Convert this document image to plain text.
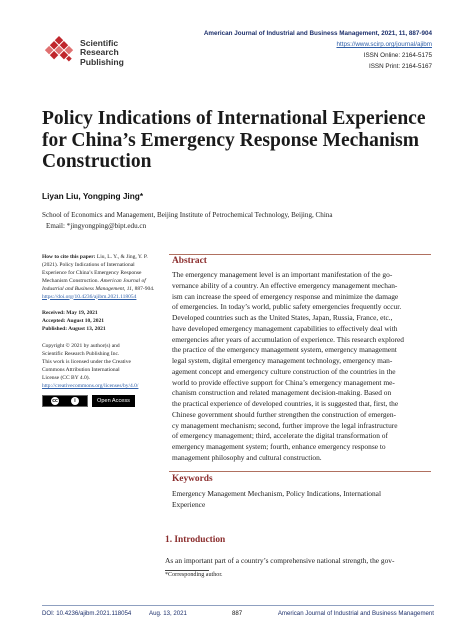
Scientific
Research
Publishing
American Journal of Industrial and Business Management, 2021, 11, 887-904
https://www.scirp.org/journal/ajibm
ISSN Online: 2164-5175
ISSN Print: 2164-5167
Policy Indications of International Experience
for China’s Emergency Response Mechanism
Construction
Liyan Liu, Yongping Jing*
School of Economics and Management, Beijing Institute of Petrochemical Technology, Beijing, China
Email: *jingyongping@bipt.edu.cn

How to cite this paper: Liu, L. Y., & Jing, Y. P. (2021). Policy Indications of International Experience for China’s Emergency Response Mechanism Construction. American Journal of Industrial and Business Management, 11, 887-904.

https://doi.org/10.4236/ajibm.2021.118054

Received: May 19, 2021

Accepted: August 10, 2021

Published: August 13, 2021

Copyright © 2021 by author(s) and

Scientific Research Publishing Inc.

This work is licensed under the Creative

Commons Attribution International

License (CC BY 4.0).

http://creativecommons.org/licenses/by/4.0/

cc	i	Open Access
Abstract
The emergency management level is an important manifestation of the go-
vernance ability of a country. An effective emergency management mechan-
ism can increase the speed of emergency response and minimize the damage
of emergencies. In today’s world, public safety emergencies frequently occur.
Developed countries such as the United States, Japan, Russia, France, etc.,
have developed emergency management capabilities to effectively deal with
emergencies after years of accumulation of experience. This research explored
the practice of the emergency management system, emergency management
legal system, digital emergency management technology, emergency man-
agement concept and emergency culture construction of the countries in the
world to provide effective support for China’s emergency management me-
chanism construction and related management decision-making. Based on
the practical experience of developed countries, it is suggested that, first, the
Chinese government should further strengthen the construction of emergen-
cy management mechanism; second, further improve the legal infrastructure
of emergency management; third, accelerate the digital transformation of
emergency management system; fourth, enhance emergency response to
management philosophy and cultural construction.
Keywords
Emergency Management Mechanism, Policy Indications, International
Experience
1. Introduction
As an important part of a country’s comprehensive national strength, the gov-
*Corresponding author.
DOI: 10.4236/ajibm.2021.118054	Aug. 13, 2021	887	American Journal of Industrial and Business Management
